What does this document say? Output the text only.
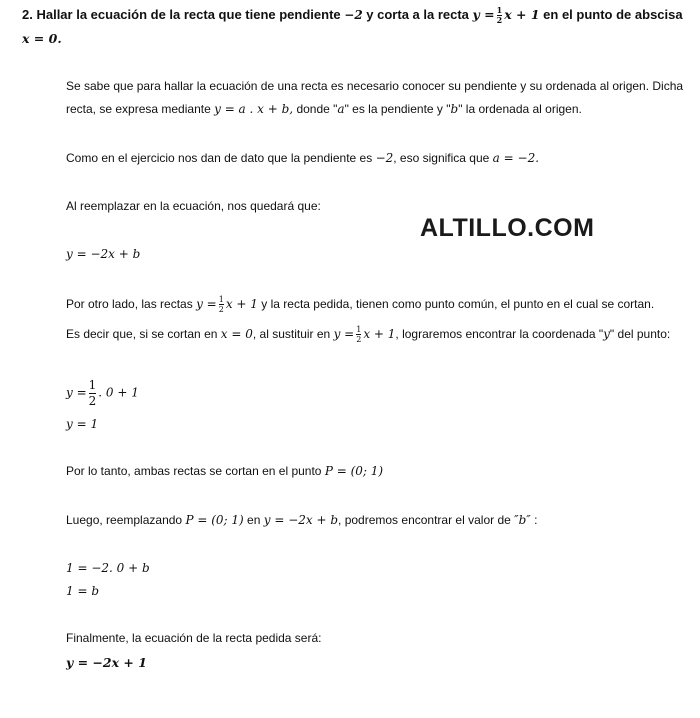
2. Hallar la ecuación de la recta que tiene pendiente −2 y corta a la recta $y = \frac{1}{2}$ x + 1 en el punto de abscisa
x = 0.
Se sabe que para hallar la ecuación de una recta es necesario conocer su pendiente y su ordenada al origen. Dicha
recta, se expresa mediante y = a . x + b, donde "a" es la pendiente y "b" la ordenada al origen.
Como en el ejercicio nos dan de dato que la pendiente es −2, eso significa que a = −2.
Al reemplazar en la ecuación, nos quedará que:
ALTILLO.COM
y = −2x + b
Por otro lado, las rectas $y = \frac{1}{2}$ x + 1 y la recta pedida, tienen como punto común, el punto en el cual se cortan.
Es decir que, si se cortan en x = 0, al sustituir en $y = \frac{1}{2}$ x + 1, lograremos encontrar la coordenada "y" del punto:
$y = \frac{1}{2}$ . 0 + 1
y = 1
Por lo tanto, ambas rectas se cortan en el punto P = (0; 1)
Luego, reemplazando P = (0; 1) en y = −2x + b, podremos encontrar el valor de ″b″ :
1 = −2. 0 + b
1 = b
Finalmente, la ecuación de la recta pedida será:
y = −2x + 1
